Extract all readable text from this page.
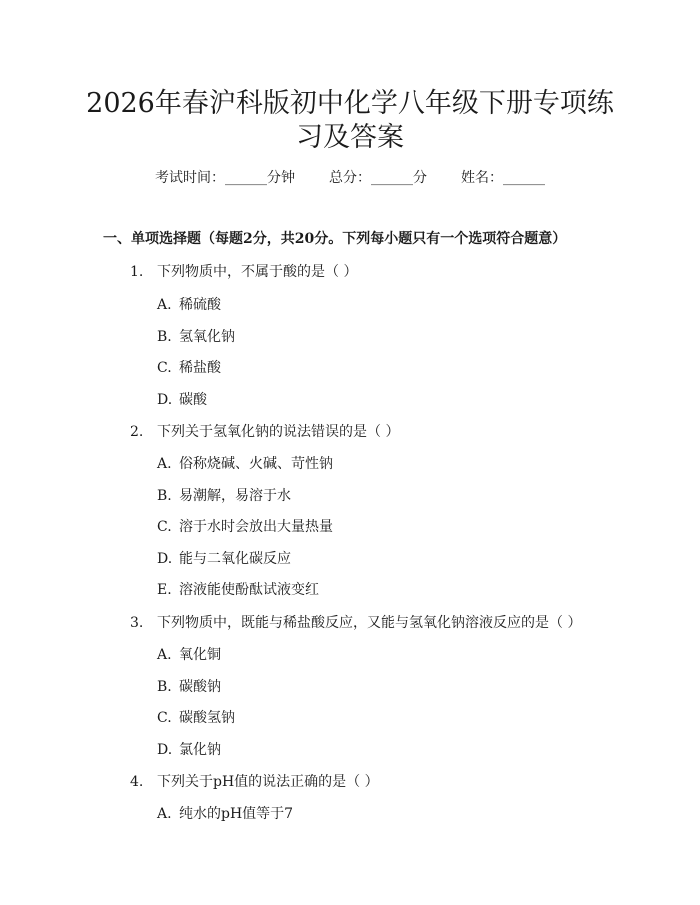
2026年春沪科版初中化学八年级下册专项练
习及答案
考试时间：______分钟 总分：______分 姓名：______
一、单项选择题（每题2分，共20分。下列每小题只有一个选项符合题意）
1. 下列物质中，不属于酸的是（ ）
A. 稀硫酸
B. 氢氧化钠
C. 稀盐酸
D. 碳酸
2. 下列关于氢氧化钠的说法错误的是（ ）
A. 俗称烧碱、火碱、苛性钠
B. 易潮解，易溶于水
C. 溶于水时会放出大量热量
D. 能与二氧化碳反应
E. 溶液能使酚酞试液变红
3. 下列物质中，既能与稀盐酸反应，又能与氢氧化钠溶液反应的是（ ）
A. 氧化铜
B. 碳酸钠
C. 碳酸氢钠
D. 氯化钠
4. 下列关于pH值的说法正确的是（ ）
A. 纯水的pH值等于7
